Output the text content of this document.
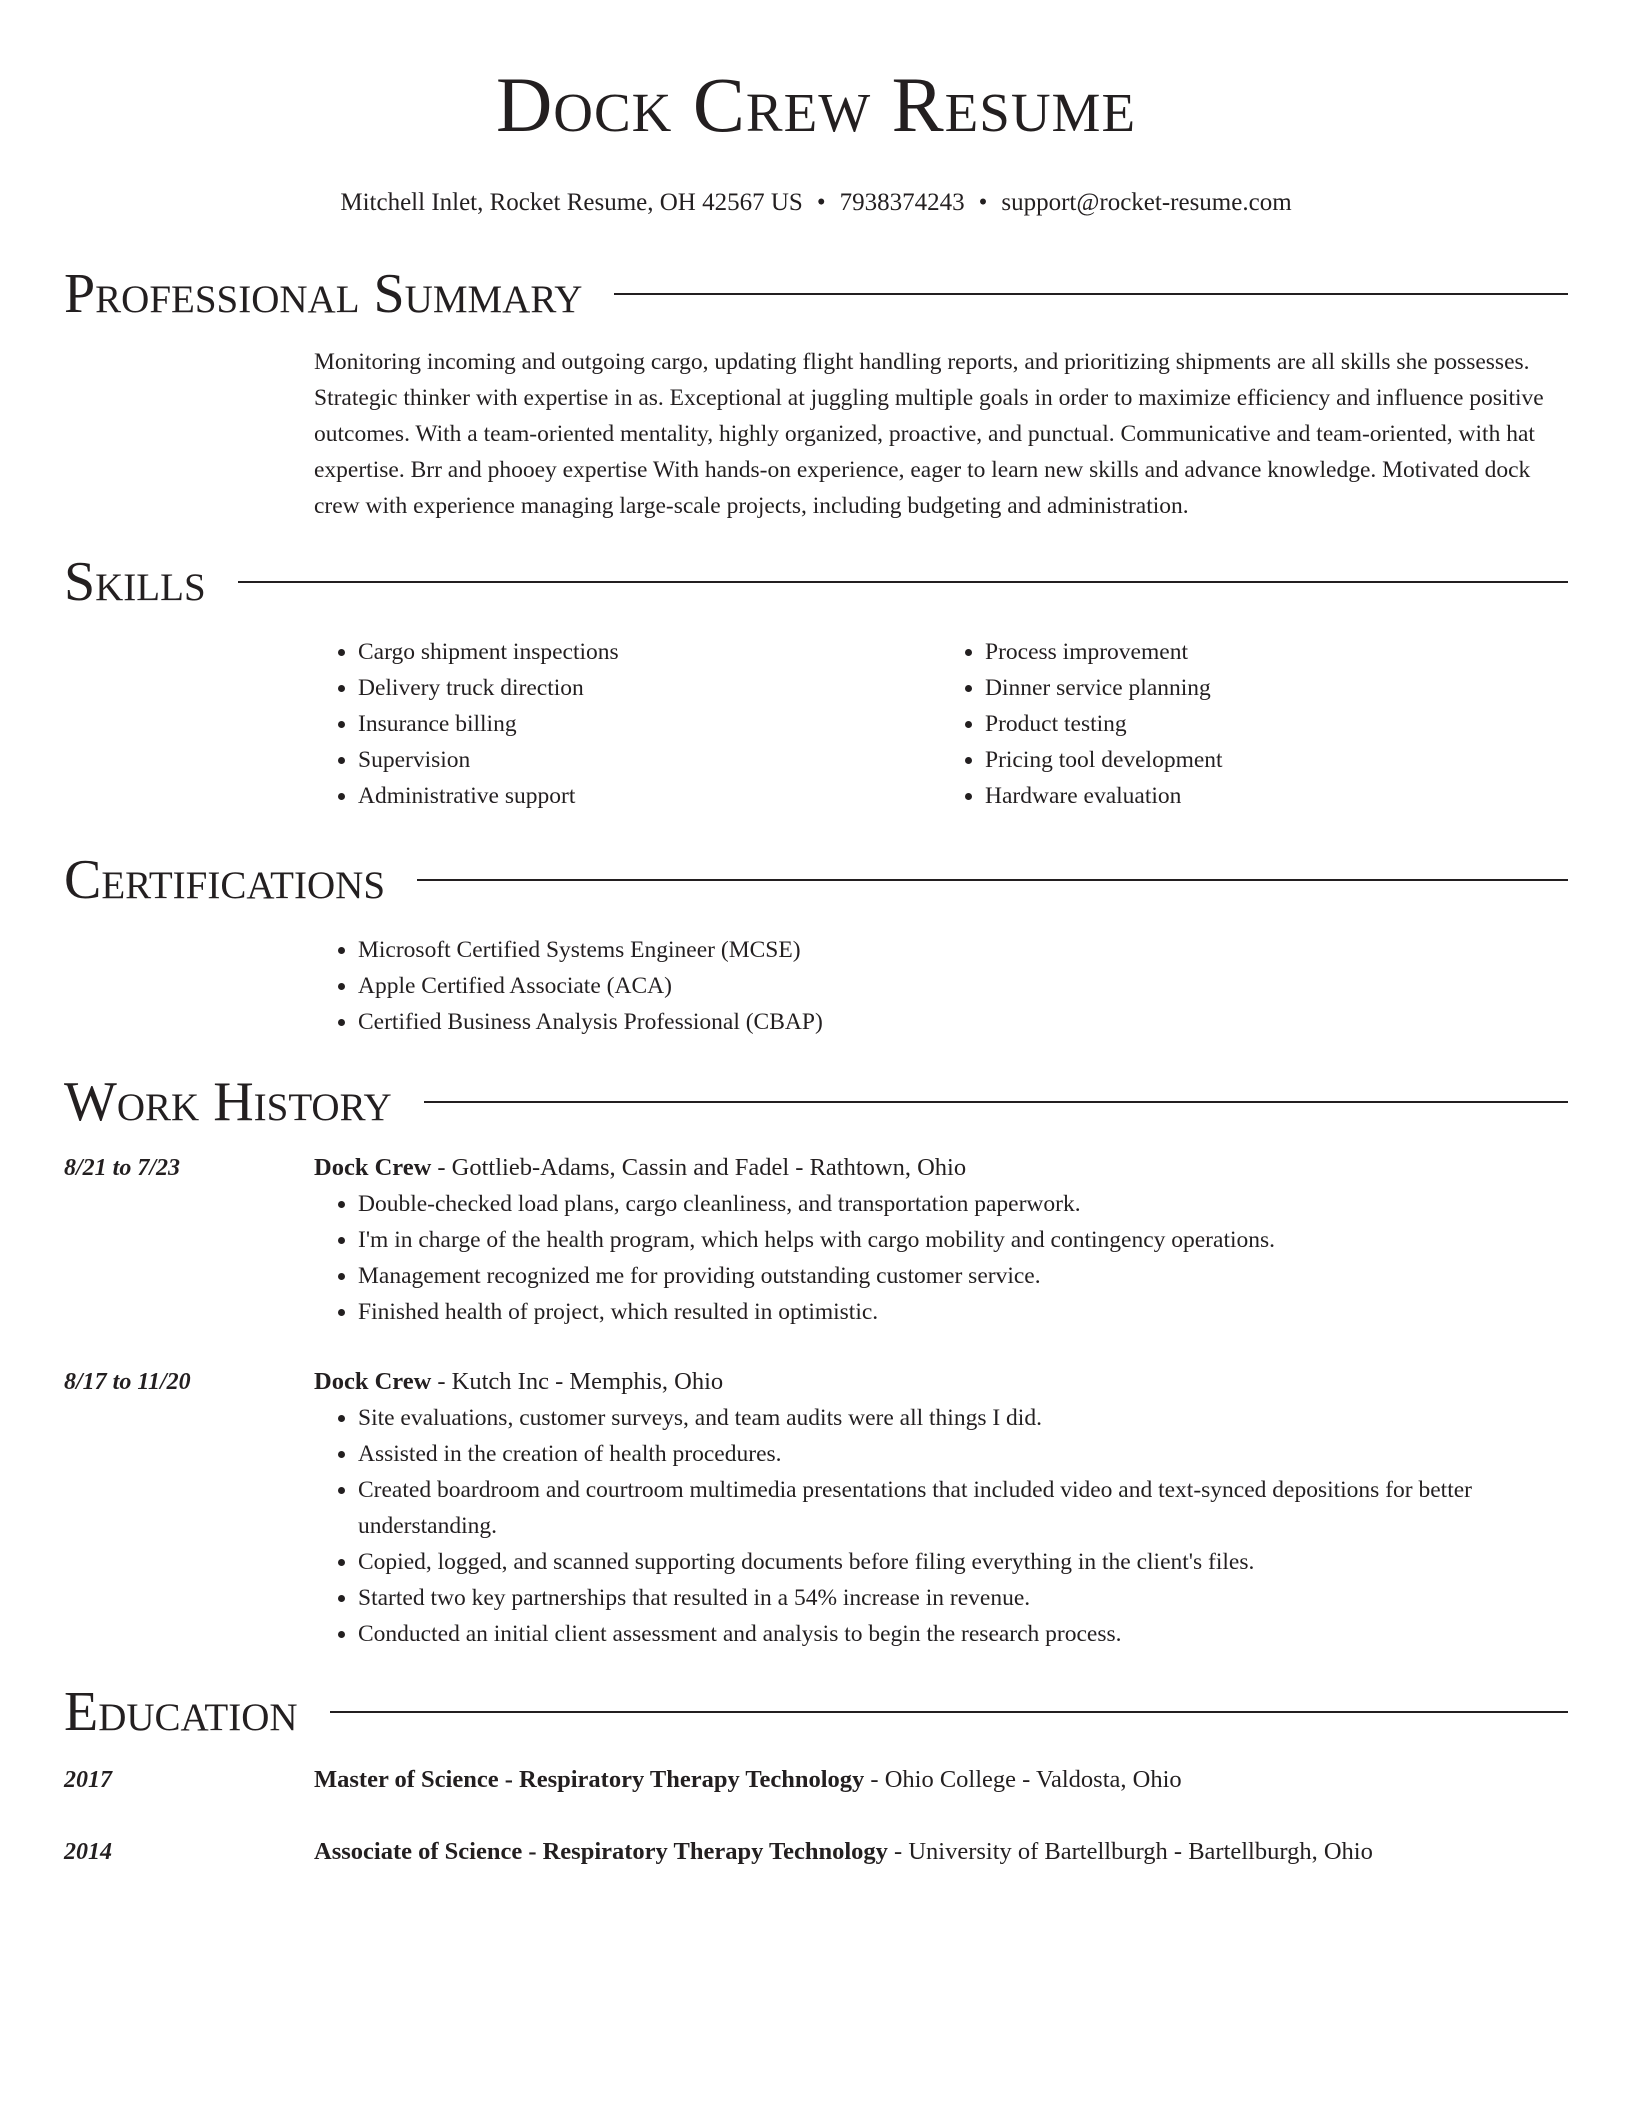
Dock Crew Resume
Mitchell Inlet, Rocket Resume, OH 42567 US • 7938374243 • support@rocket-resume.com
Professional Summary

Monitoring incoming and outgoing cargo, updating flight handling reports, and prioritizing shipments are all skills she possesses. Strategic thinker with expertise in as. Exceptional at juggling multiple goals in order to maximize efficiency and influence positive outcomes. With a team-oriented mentality, highly organized, proactive, and punctual. Communicative and team-oriented, with hat expertise. Brr and phooey expertise With hands-on experience, eager to learn new skills and advance knowledge. Motivated dock crew with experience managing large-scale projects, including budgeting and administration.

Skills
• Cargo shipment inspections
• Delivery truck direction
• Insurance billing
• Supervision
• Administrative support
• Process improvement
• Dinner service planning
• Product testing
• Pricing tool development
• Hardware evaluation
Certifications
• Microsoft Certified Systems Engineer (MCSE)
• Apple Certified Associate (ACA)
• Certified Business Analysis Professional (CBAP)
Work History
8/21 to 7/23	Dock Crew - Gottlieb-Adams, Cassin and Fadel - Rathtown, Ohio
• Double-checked load plans, cargo cleanliness, and transportation paperwork.
• I'm in charge of the health program, which helps with cargo mobility and contingency operations.
• Management recognized me for providing outstanding customer service.
• Finished health of project, which resulted in optimistic.
8/17 to 11/20	Dock Crew - Kutch Inc - Memphis, Ohio
• Site evaluations, customer surveys, and team audits were all things I did.
• Assisted in the creation of health procedures.
• Created boardroom and courtroom multimedia presentations that included video and text-synced depositions for better understanding.
• Copied, logged, and scanned supporting documents before filing everything in the client's files.
• Started two key partnerships that resulted in a 54% increase in revenue.
• Conducted an initial client assessment and analysis to begin the research process.
Education
2017	Master of Science - Respiratory Therapy Technology - Ohio College - Valdosta, Ohio
2014	Associate of Science - Respiratory Therapy Technology - University of Bartellburgh - Bartellburgh, Ohio
